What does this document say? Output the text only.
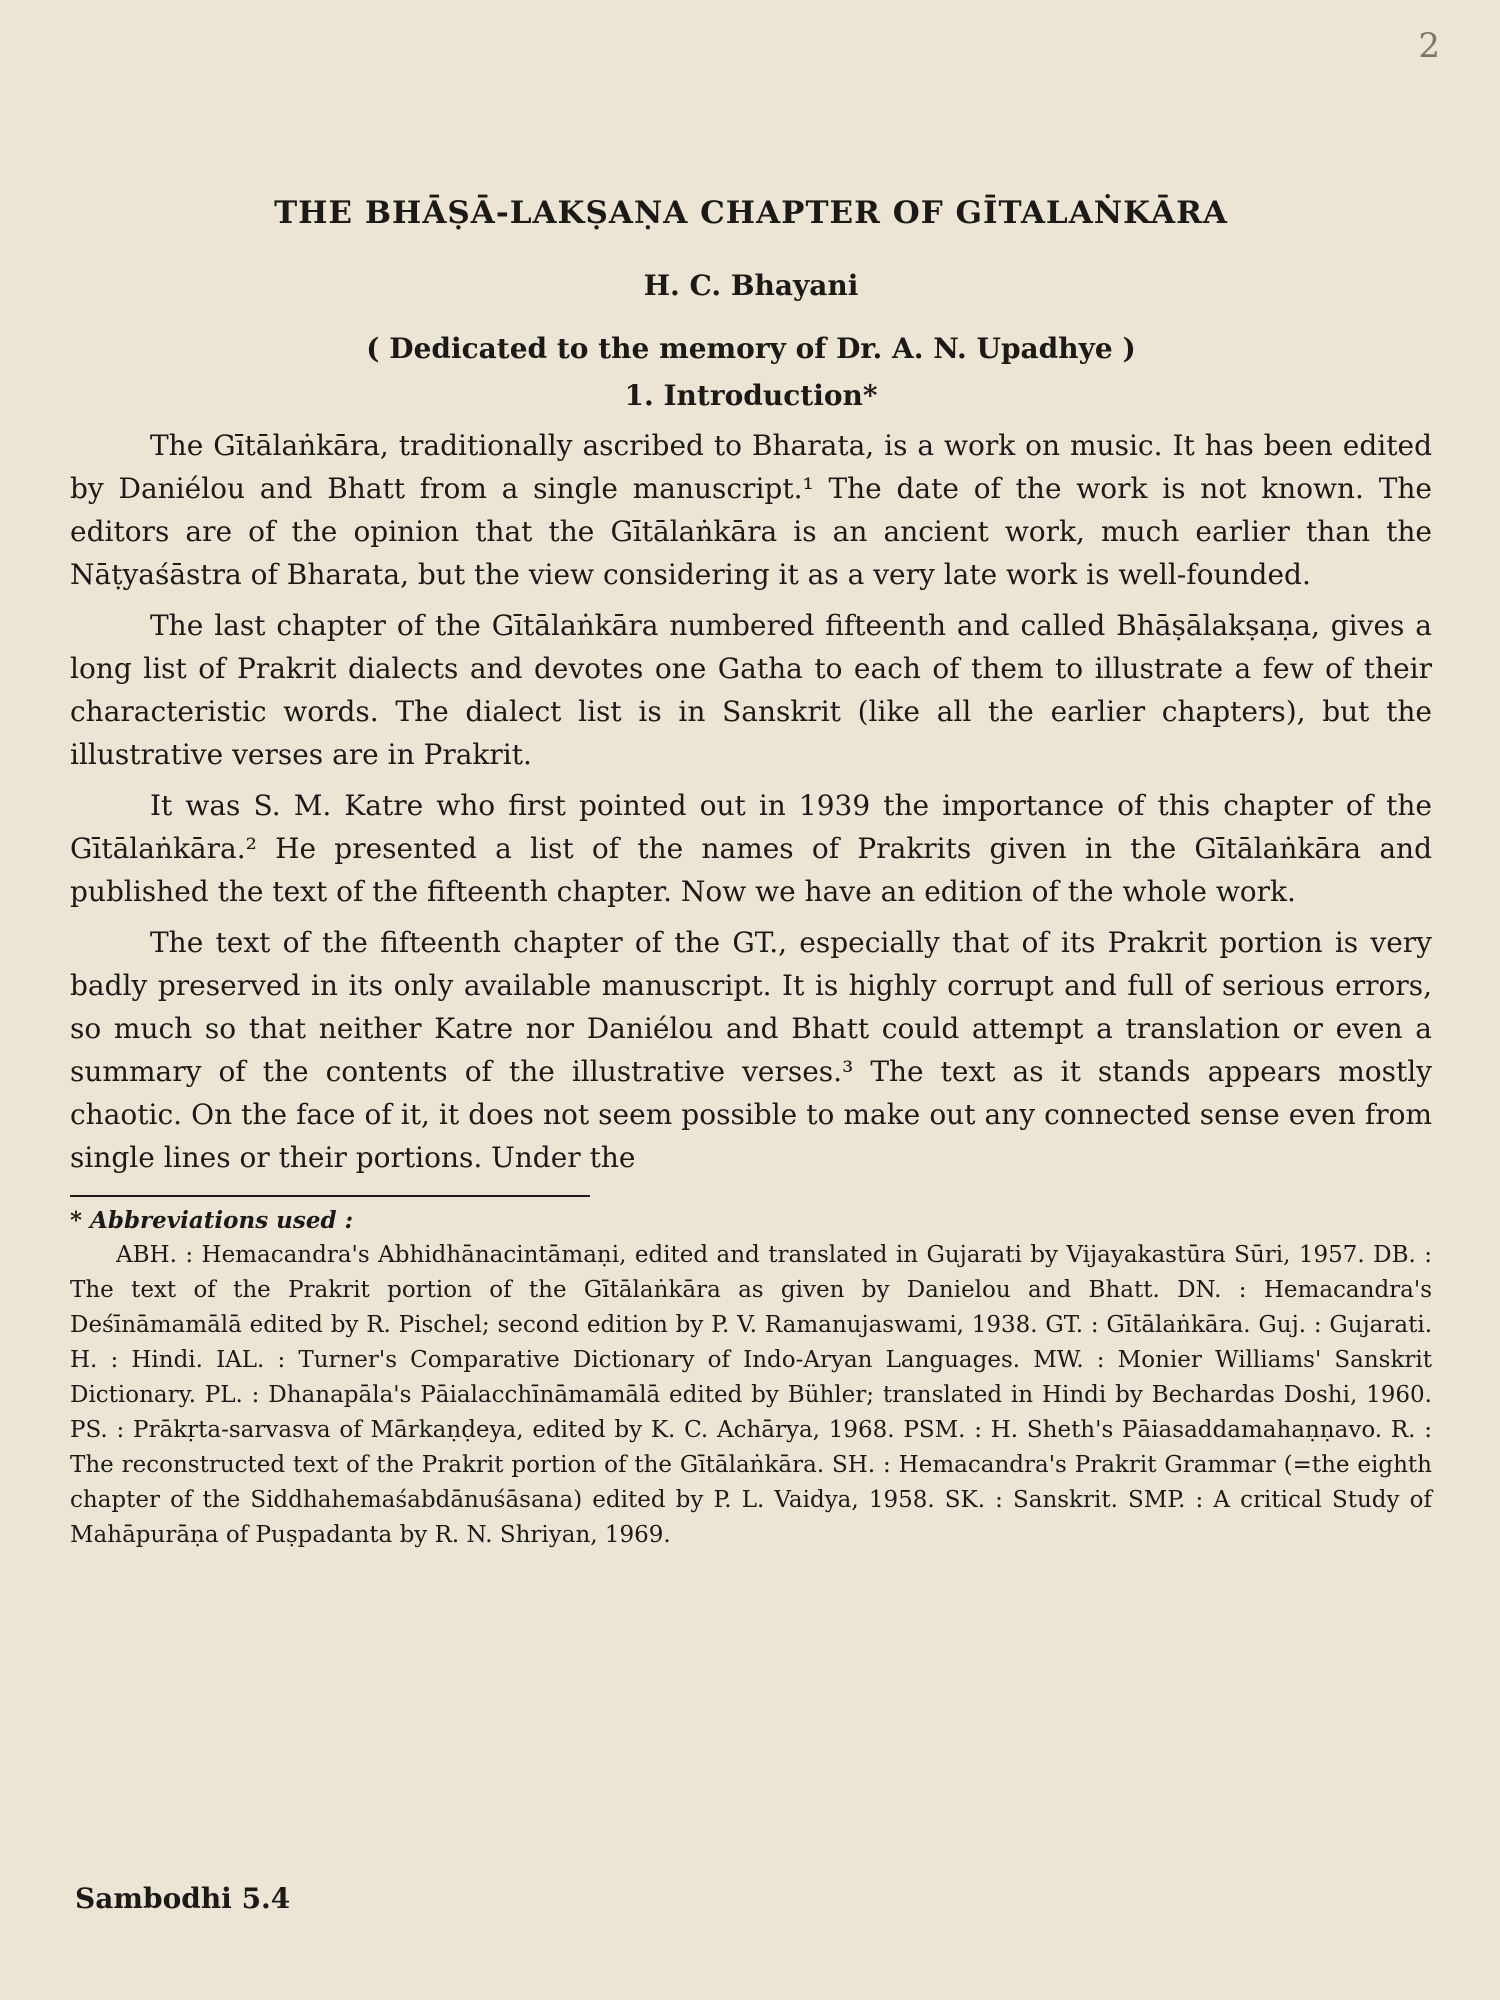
2
THE BHĀṢĀ-LAKṢAṆA CHAPTER OF GĪTALAṄKĀRA
H. C. Bhayani
( Dedicated to the memory of Dr. A. N. Upadhye )
1. Introduction*

The Gītālaṅkāra, traditionally ascribed to Bharata, is a work on music. It has been edited by Daniélou and Bhatt from a single manuscript.¹ The date of the work is not known. The editors are of the opinion that the Gītālaṅkāra is an ancient work, much earlier than the Nāṭyaśāstra of Bharata, but the view considering it as a very late work is well-founded.

The last chapter of the Gītālaṅkāra numbered fifteenth and called Bhāṣālakṣaṇa, gives a long list of Prakrit dialects and devotes one Gatha to each of them to illustrate a few of their characteristic words. The dialect list is in Sanskrit (like all the earlier chapters), but the illustrative verses are in Prakrit.

It was S. M. Katre who first pointed out in 1939 the importance of this chapter of the Gītālaṅkāra.² He presented a list of the names of Prakrits given in the Gītālaṅkāra and published the text of the fifteenth chapter. Now we have an edition of the whole work.

The text of the fifteenth chapter of the GT., especially that of its Prakrit portion is very badly preserved in its only available manuscript. It is highly corrupt and full of serious errors, so much so that neither Katre nor Daniélou and Bhatt could attempt a translation or even a summary of the contents of the illustrative verses.³ The text as it stands appears mostly chaotic. On the face of it, it does not seem possible to make out any connected sense even from single lines or their portions. Under the

* Abbreviations used :

ABH. : Hemacandra's Abhidhānacintāmaṇi, edited and translated in Gujarati by Vijayakastūra Sūri, 1957. DB. : The text of the Prakrit portion of the Gītālaṅkāra as given by Danielou and Bhatt. DN. : Hemacandra's Deśīnāmamālā edited by R. Pischel; second edition by P. V. Ramanujaswami, 1938. GT. : Gītālaṅkāra. Guj. : Gujarati. H. : Hindi. IAL. : Turner's Comparative Dictionary of Indo-Aryan Languages. MW. : Monier Williams' Sanskrit Dictionary. PL. : Dhanapāla's Pāialacchīnāmamālā edited by Bühler; translated in Hindi by Bechardas Doshi, 1960. PS. : Prākṛta-sarvasva of Mārkaṇḍeya, edited by K. C. Achārya, 1968. PSM. : H. Sheth's Pāiasaddamahaṇṇavo. R. : The reconstructed text of the Prakrit portion of the Gītālaṅkāra. SH. : Hemacandra's Prakrit Grammar (=the eighth chapter of the Siddhahemaśabdānuśāsana) edited by P. L. Vaidya, 1958. SK. : Sanskrit. SMP. : A critical Study of Mahāpurāṇa of Puṣpadanta by R. N. Shriyan, 1969.

Sambodhi 5.4
